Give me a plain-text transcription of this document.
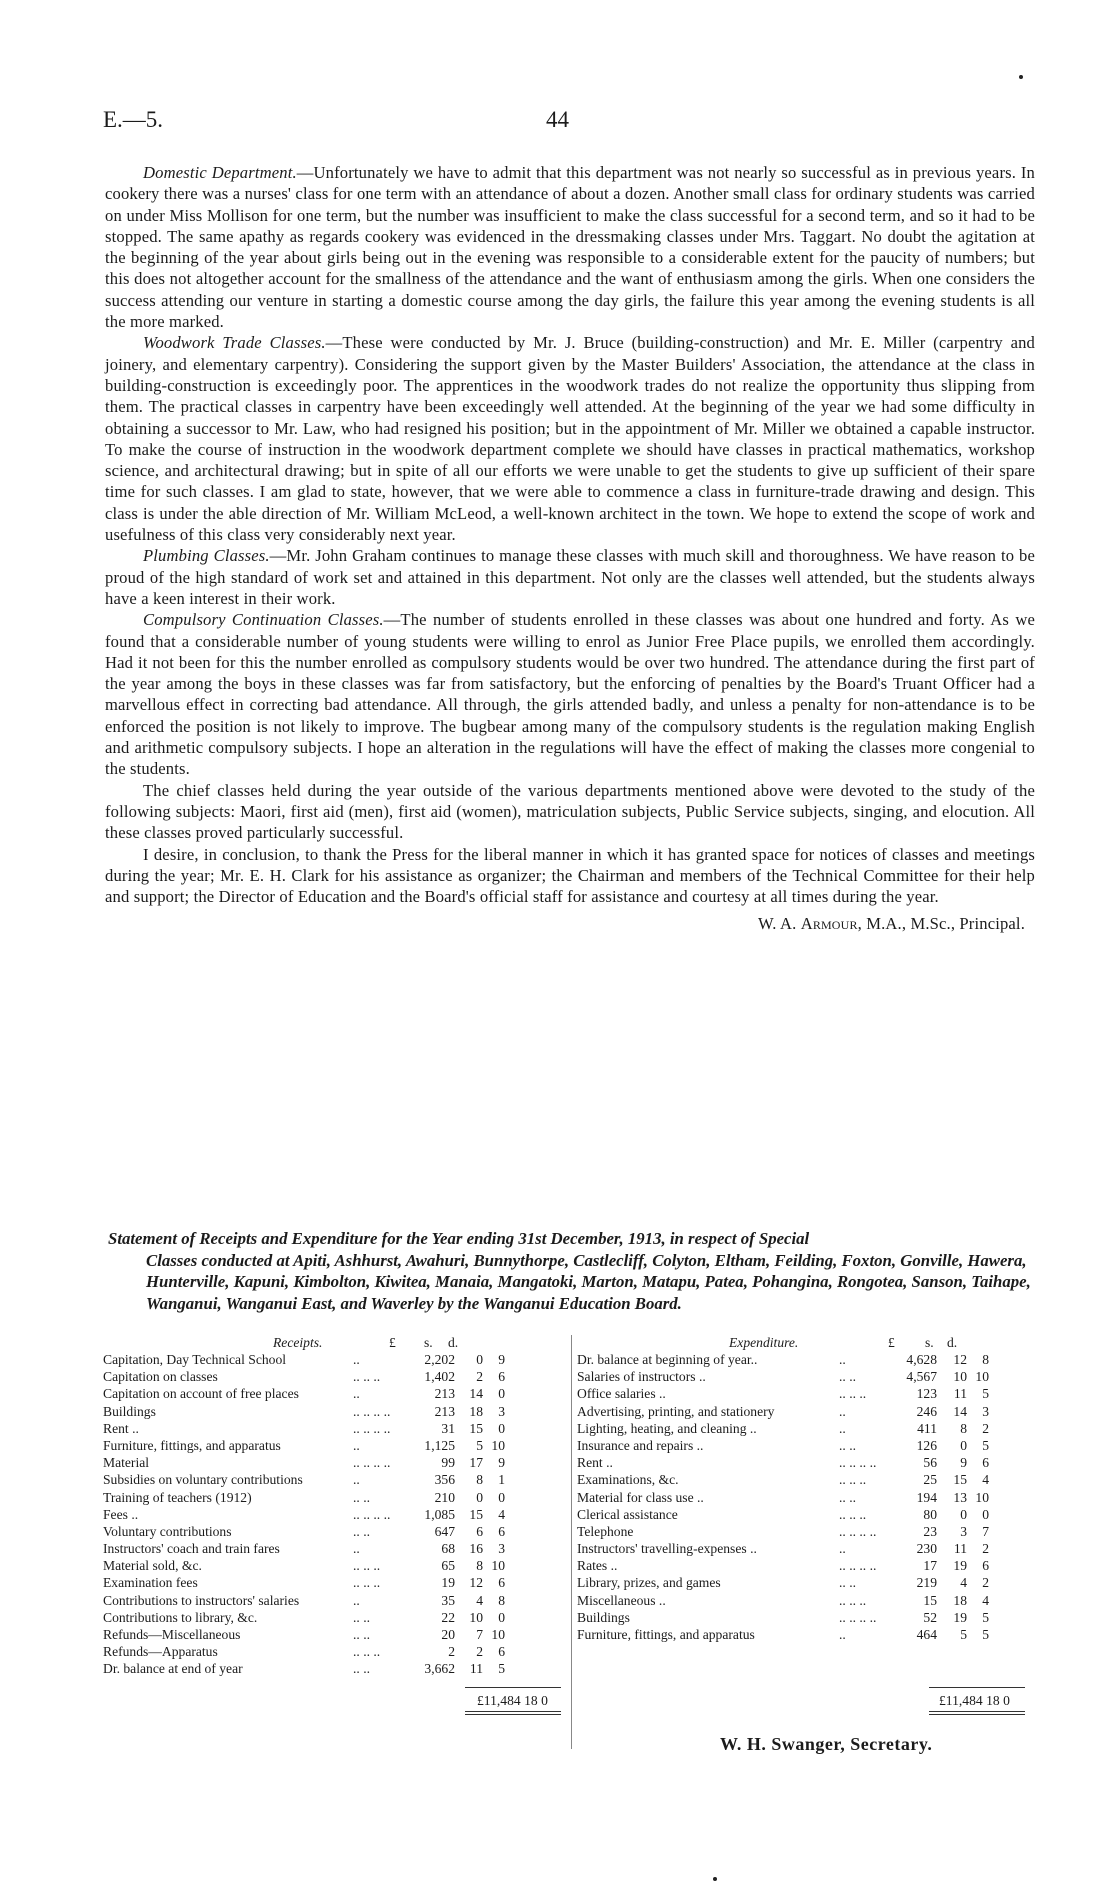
E.—5.	44

Domestic Department.—Unfortunately we have to admit that this department was not nearly so successful as in previous years. In cookery there was a nurses' class for one term with an attendance of about a dozen. Another small class for ordinary students was carried on under Miss Mollison for one term, but the number was insufficient to make the class successful for a second term, and so it had to be stopped. The same apathy as regards cookery was evidenced in the dressmaking classes under Mrs. Taggart. No doubt the agitation at the beginning of the year about girls being out in the evening was responsible to a considerable extent for the paucity of numbers; but this does not altogether account for the smallness of the attendance and the want of enthusiasm among the girls. When one considers the success attending our venture in starting a domestic course among the day girls, the failure this year among the evening students is all the more marked.

Woodwork Trade Classes.—These were conducted by Mr. J. Bruce (building-construction) and Mr. E. Miller (carpentry and joinery, and elementary carpentry). Considering the support given by the Master Builders' Association, the attendance at the class in building-construction is exceedingly poor. The apprentices in the woodwork trades do not realize the opportunity thus slipping from them. The practical classes in carpentry have been exceedingly well attended. At the beginning of the year we had some difficulty in obtaining a successor to Mr. Law, who had resigned his position; but in the appointment of Mr. Miller we obtained a capable instructor. To make the course of instruction in the woodwork department complete we should have classes in practical mathematics, workshop science, and architectural drawing; but in spite of all our efforts we were unable to get the students to give up sufficient of their spare time for such classes. I am glad to state, however, that we were able to commence a class in furniture-trade drawing and design. This class is under the able direction of Mr. William McLeod, a well-known architect in the town. We hope to extend the scope of work and usefulness of this class very considerably next year.

Plumbing Classes.—Mr. John Graham continues to manage these classes with much skill and thoroughness. We have reason to be proud of the high standard of work set and attained in this department. Not only are the classes well attended, but the students always have a keen interest in their work.

Compulsory Continuation Classes.—The number of students enrolled in these classes was about one hundred and forty. As we found that a considerable number of young students were willing to enrol as Junior Free Place pupils, we enrolled them accordingly. Had it not been for this the number enrolled as compulsory students would be over two hundred. The attendance during the first part of the year among the boys in these classes was far from satisfactory, but the enforcing of penalties by the Board's Truant Officer had a marvellous effect in correcting bad attendance. All through, the girls attended badly, and unless a penalty for non-attendance is to be enforced the position is not likely to improve. The bugbear among many of the compulsory students is the regulation making English and arithmetic compulsory subjects. I hope an alteration in the regulations will have the effect of making the classes more congenial to the students.

The chief classes held during the year outside of the various departments mentioned above were devoted to the study of the following subjects: Maori, first aid (men), first aid (women), matriculation subjects, Public Service subjects, singing, and elocution. All these classes proved particularly successful.

I desire, in conclusion, to thank the Press for the liberal manner in which it has granted space for notices of classes and meetings during the year; Mr. E. H. Clark for his assistance as organizer; the Chairman and members of the Technical Committee for their help and support; the Director of Education and the Board's official staff for assistance and courtesy at all times during the year.

W. A. Armour, M.A., M.Sc., Principal.
Statement of Receipts and Expenditure for the Year ending 31st December, 1913, in respect of Special
Classes conducted at Apiti, Ashhurst, Awahuri, Bunnythorpe, Castlecliff, Colyton, Eltham, Feilding, Foxton, Gonville, Hawera, Hunterville, Kapuni, Kimbolton, Kiwitea, Manaia, Mangatoki, Marton, Matapu, Patea, Pohangina, Rongotea, Sanson, Taihape, Wanganui, Wanganui East, and Waverley by the Wanganui Education Board.
Receipts.	£ s. d.	Expenditure.	£ s. d.
Capitation, Day Technical School	..	2,202 0 9
Capitation on classes	.. .. ..	1,402 2 6
Capitation on account of free places	..	213 14 0
Buildings	.. .. .. ..	213 18 3
Rent ..	.. .. .. ..	31 15 0
Furniture, fittings, and apparatus	..	1,125 5 10
Material	.. .. .. ..	99 17 9
Subsidies on voluntary contributions	..	356 8 1
Training of teachers (1912)	.. ..	210 0 0
Fees ..	.. .. .. ..	1,085 15 4
Voluntary contributions	.. ..	647 6 6
Instructors' coach and train fares	..	68 16 3
Material sold, &c.	.. .. ..	65 8 10
Examination fees	.. .. ..	19 12 6
Contributions to instructors' salaries	..	35 4 8
Contributions to library, &c.	.. ..	22 10 0
Refunds—Miscellaneous	.. ..	20 7 10
Refunds—Apparatus	.. .. ..	2 2 6
Dr. balance at end of year	.. ..	3,662 11 5
Dr. balance at beginning of year..	..	4,628 12 8
Salaries of instructors ..	.. ..	4,567 10 10
Office salaries ..	.. .. ..	123 11 5
Advertising, printing, and stationery	..	246 14 3
Lighting, heating, and cleaning ..	..	411 8 2
Insurance and repairs ..	.. ..	126 0 5
Rent ..	.. .. .. ..	56 9 6
Examinations, &c.	.. .. ..	25 15 4
Material for class use ..	.. ..	194 13 10
Clerical assistance	.. .. ..	80 0 0
Telephone	.. .. .. ..	23 3 7
Instructors' travelling-expenses ..	..	230 11 2
Rates ..	.. .. .. ..	17 19 6
Library, prizes, and games	.. ..	219 4 2
Miscellaneous ..	.. .. ..	15 18 4
Buildings	.. .. .. ..	52 19 5
Furniture, fittings, and apparatus	..	464 5 5
£11,484 18 0	£11,484 18 0
W. H. Swanger, Secretary.
